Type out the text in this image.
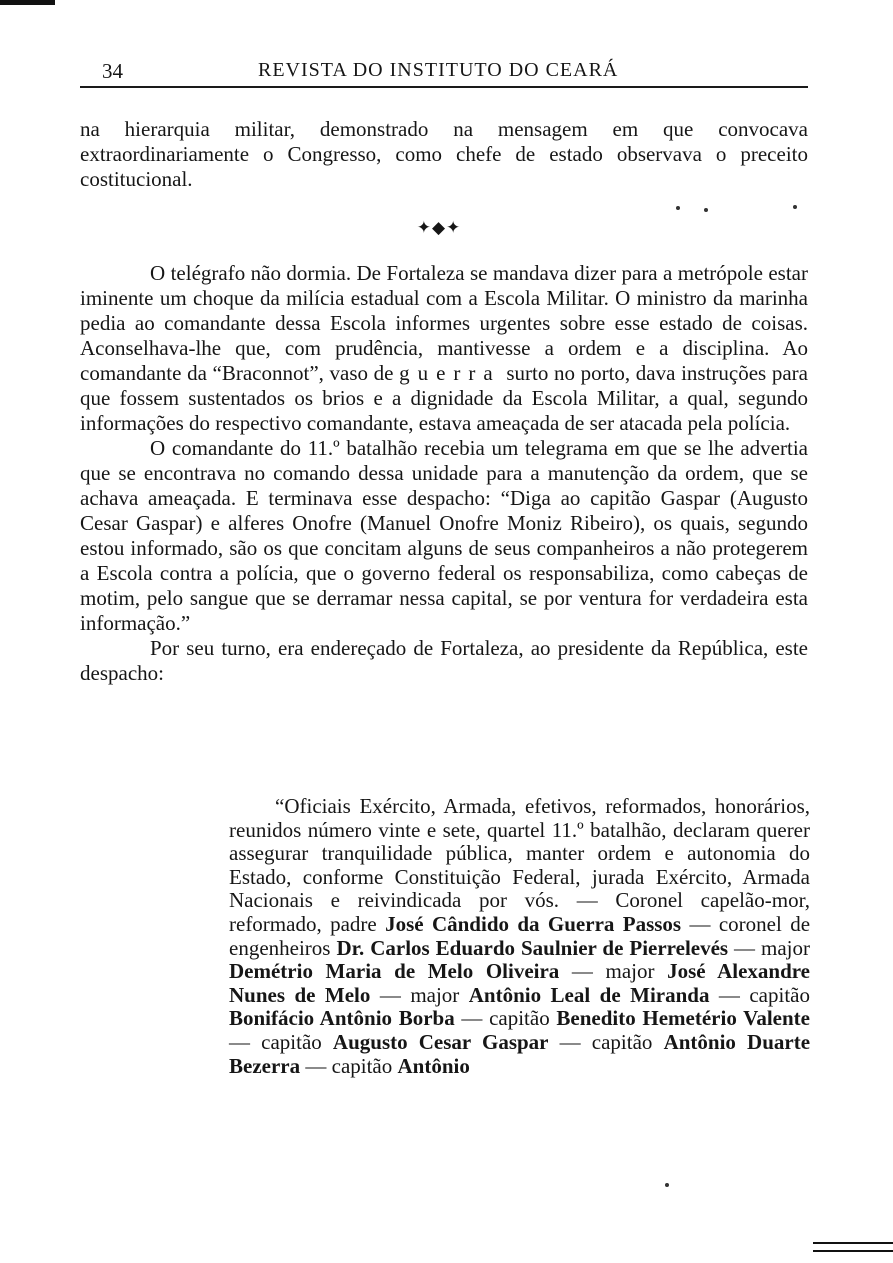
34	REVISTA DO INSTITUTO DO CEARÁ

na hierarquia militar, demonstrado na mensagem em que convocava extraordinariamente o Congresso, como chefe de estado observava o preceito costitucional.

✦◆✦

O telégrafo não dormia. De Fortaleza se mandava dizer para a metrópole estar iminente um choque da milícia estadual com a Escola Militar. O ministro da marinha pedia ao comandante dessa Escola informes urgentes sobre esse estado de coisas. Aconselhava-lhe que, com prudência, mantivesse a ordem e a disciplina. Ao comandante da “Braconnot”, vaso de guerra surto no porto, dava instruções para que fossem sustentados os brios e a dignidade da Escola Militar, a qual, segundo informações do respectivo comandante, estava ameaçada de ser atacada pela polícia.

O comandante do 11.º batalhão recebia um telegrama em que se lhe advertia que se encontrava no comando dessa unidade para a manutenção da ordem, que se achava ameaçada. E terminava esse despacho: “Diga ao capitão Gaspar (Augusto Cesar Gaspar) e alferes Onofre (Manuel Onofre Moniz Ribeiro), os quais, segundo estou informado, são os que concitam alguns de seus companheiros a não protegerem a Escola contra a polícia, que o governo federal os responsabiliza, como cabeças de motim, pelo sangue que se derramar nessa capital, se por ventura for verdadeira esta informação.”

Por seu turno, era endereçado de Fortaleza, ao presidente da República, este despacho:

“Oficiais Exército, Armada, efetivos, reformados, honorários, reunidos número vinte e sete, quartel 11.º batalhão, declaram querer assegurar tranquilidade pública, manter ordem e autonomia do Estado, conforme Constituição Federal, jurada Exército, Armada Nacionais e reivindicada por vós. — Coronel capelão-mor, reformado, padre José Cândido da Guerra Passos — coronel de engenheiros Dr. Carlos Eduardo Saulnier de Pierrelevés — major Demétrio Maria de Melo Oliveira — major José Alexandre Nunes de Melo — major Antônio Leal de Miranda — capitão Bonifácio Antônio Borba — capitão Benedito Hemetério Valente — capitão Augusto Cesar Gaspar — capitão Antônio Duarte Bezerra — capitão Antônio
